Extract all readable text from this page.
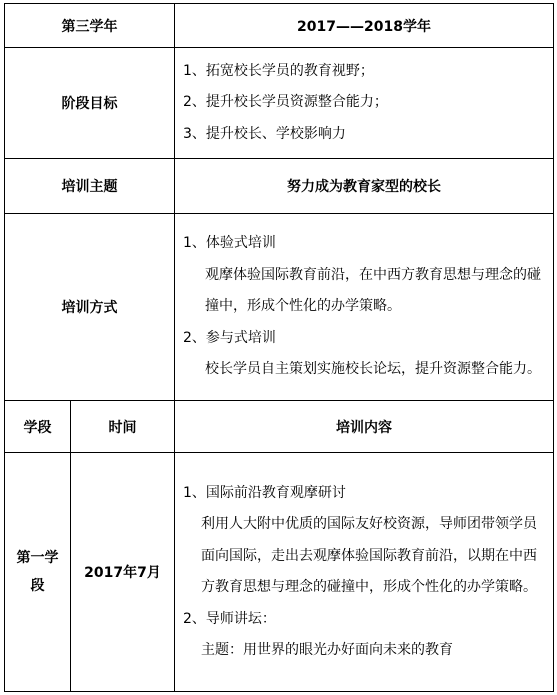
第三学年		2017——2018学年
阶段目标		1、拓宽校长学员的教育视野；
2、提升校长学员资源整合能力；
3、提升校长、学校影响力

培训主题		努力成为教育家型的校长
培训方式		1、体验式培训
观摩体验国际教育前沿，在中西方教育思想与理念的碰撞中，形成个性化的办学策略。
2、参与式培训
校长学员自主策划实施校长论坛，提升资源整合能力。

学段	时间	培训内容
第一学段	2017年7月	1、国际前沿教育观摩研讨
利用人大附中优质的国际友好校资源，导师团带领学员面向国际，走出去观摩体验国际教育前沿，以期在中西方教育思想与理念的碰撞中，形成个性化的办学策略。
2、导师讲坛：
主题：用世界的眼光办好面向未来的教育
